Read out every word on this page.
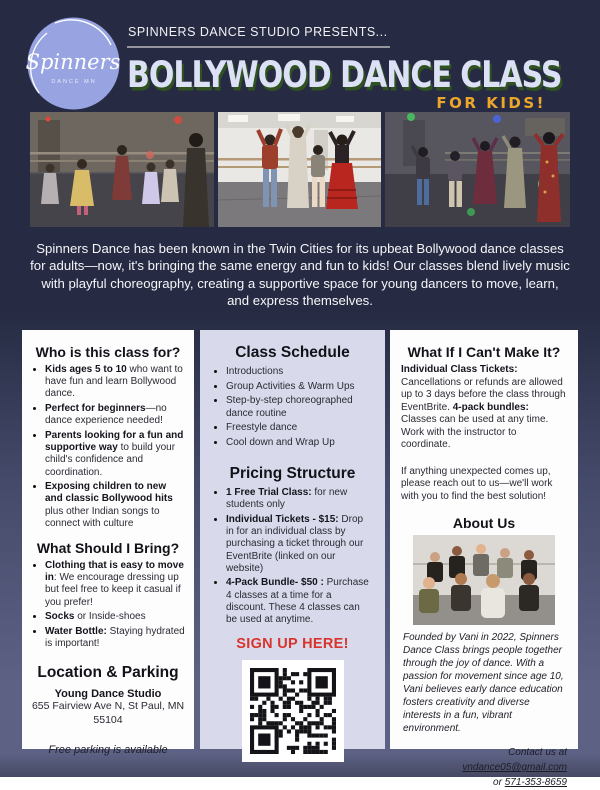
Spinners
DANCE MN
SPINNERS DANCE STUDIO PRESENTS...
BOLLYWOOD DANCE CLASS
FOR KIDS!

Spinners Dance has been known in the Twin Cities for its upbeat Bollywood dance classes for adults—now, it's bringing the same energy and fun to kids! Our classes blend lively music with playful choreography, creating a supportive space for young dancers to move, learn, and express themselves.

Who is this class for?
• Kids ages 5 to 10 who want to have fun and learn Bollywood dance.
• Perfect for beginners—no dance experience needed!
• Parents looking for a fun and supportive way to build your child's confidence and coordination.
• Exposing children to new and classic Bollywood hits plus other Indian songs to connect with culture
What Should I Bring?
• Clothing that is easy to move in: We encourage dressing up but feel free to keep it casual if you prefer!
• Socks or Inside-shoes
• Water Bottle: Staying hydrated is important!
Location & Parking
Young Dance Studio
655 Fairview Ave N, St Paul, MN
55104
Free parking is available
Class Schedule
• Introductions
• Group Activities & Warm Ups
• Step-by-step choreographed dance routine
• Freestyle dance
• Cool down and Wrap Up
Pricing Structure
• 1 Free Trial Class: for new students only
• Individual Tickets - $15: Drop in for an individual class by purchasing a ticket through our EventBrite (linked on our website)
• 4-Pack Bundle- $50 : Purchase 4 classes at a time for a discount. These 4 classes can be used at anytime.
SIGN UP HERE!
What If I Can't Make It?

Individual Class Tickets:
Cancellations or refunds are allowed up to 3 days before the class through EventBrite. 4-pack bundles: Classes can be used at any time. Work with the instructor to coordinate.

If anything unexpected comes up, please reach out to us—we'll work with you to find the best solution!

About Us

Founded by Vani in 2022, Spinners Dance Class brings people together through the joy of dance. With a passion for movement since age 10, Vani believes early dance education fosters creativity and diverse interests in a fun, vibrant environment.

Contact us at vndance05@gmail.com
or 571-353-8659
